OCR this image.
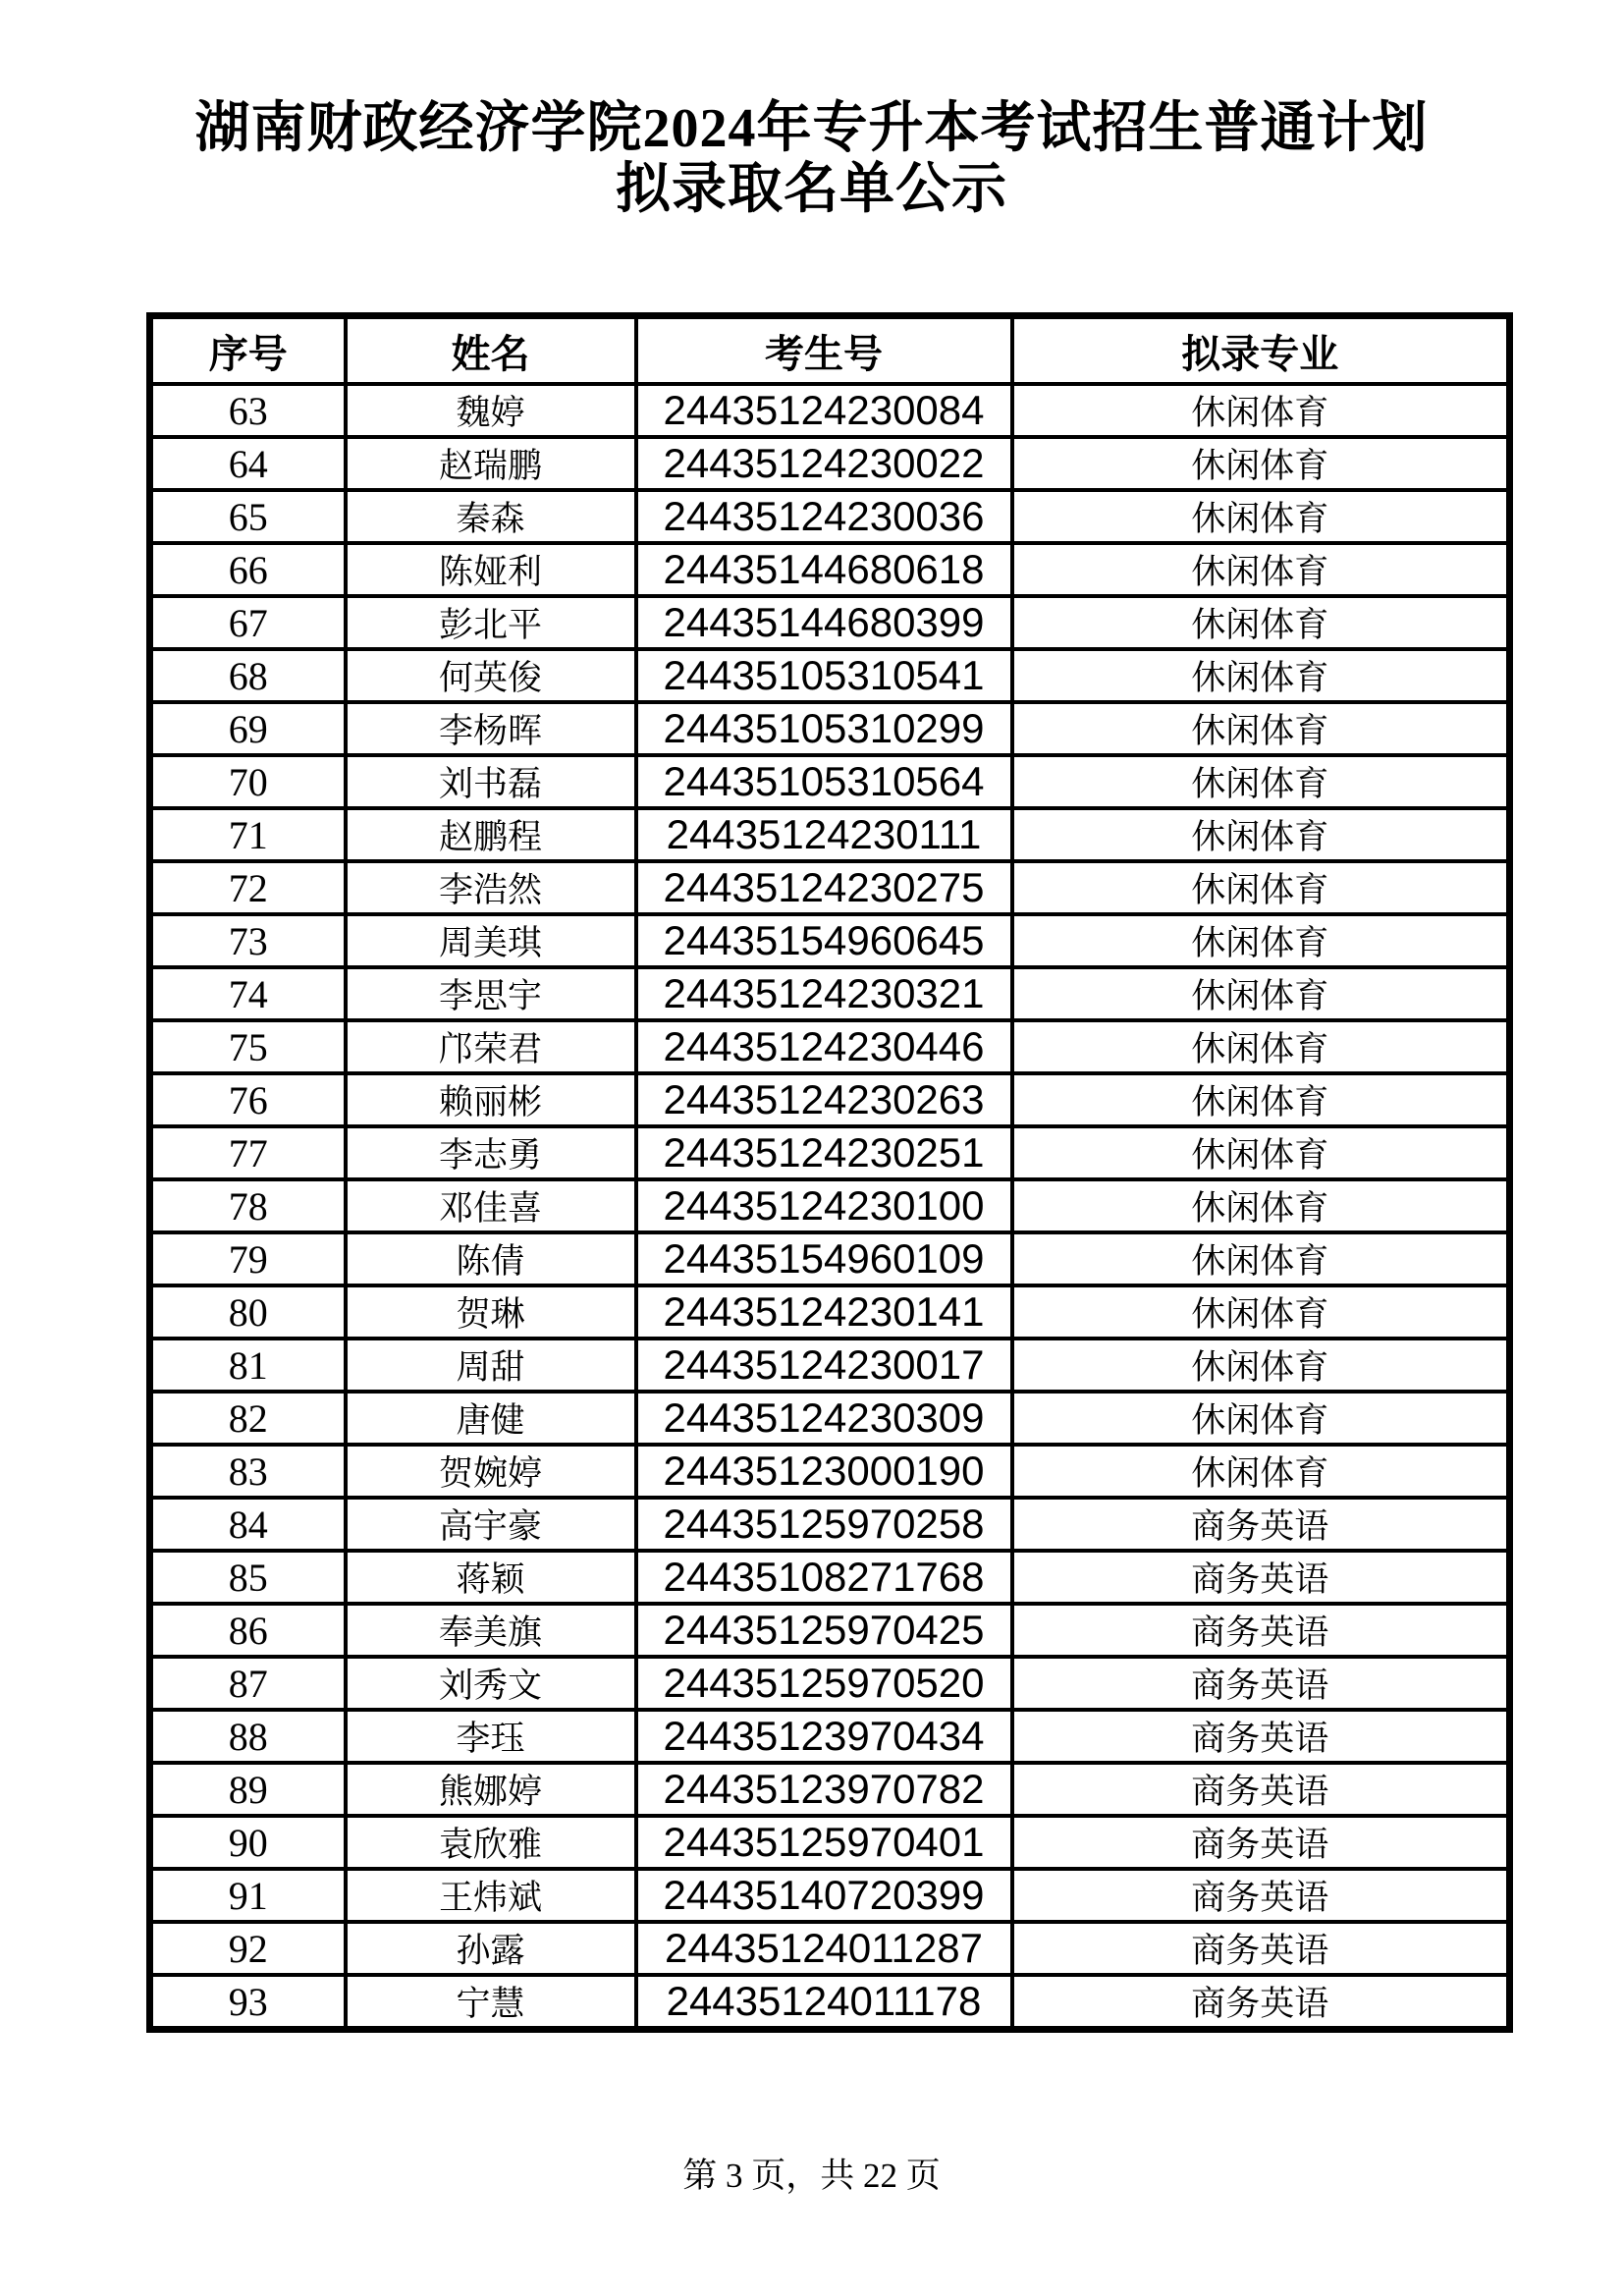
湖南财政经济学院2024年专升本考试招生普通计划
拟录取名单公示
序号	姓名	考生号	拟录专业
63	魏婷	24435124230084	休闲体育
64	赵瑞鹏	24435124230022	休闲体育
65	秦森	24435124230036	休闲体育
66	陈娅利	24435144680618	休闲体育
67	彭北平	24435144680399	休闲体育
68	何英俊	24435105310541	休闲体育
69	李杨晖	24435105310299	休闲体育
70	刘书磊	24435105310564	休闲体育
71	赵鹏程	24435124230111	休闲体育
72	李浩然	24435124230275	休闲体育
73	周美琪	24435154960645	休闲体育
74	李思宇	24435124230321	休闲体育
75	邝荣君	24435124230446	休闲体育
76	赖丽彬	24435124230263	休闲体育
77	李志勇	24435124230251	休闲体育
78	邓佳喜	24435124230100	休闲体育
79	陈倩	24435154960109	休闲体育
80	贺琳	24435124230141	休闲体育
81	周甜	24435124230017	休闲体育
82	唐健	24435124230309	休闲体育
83	贺婉婷	24435123000190	休闲体育
84	高宇豪	24435125970258	商务英语
85	蒋颖	24435108271768	商务英语
86	奉美旗	24435125970425	商务英语
87	刘秀文	24435125970520	商务英语
88	李珏	24435123970434	商务英语
89	熊娜婷	24435123970782	商务英语
90	袁欣雅	24435125970401	商务英语
91	王炜斌	24435140720399	商务英语
92	孙露	24435124011287	商务英语
93	宁慧	24435124011178	商务英语
第 3 页，共 22 页
